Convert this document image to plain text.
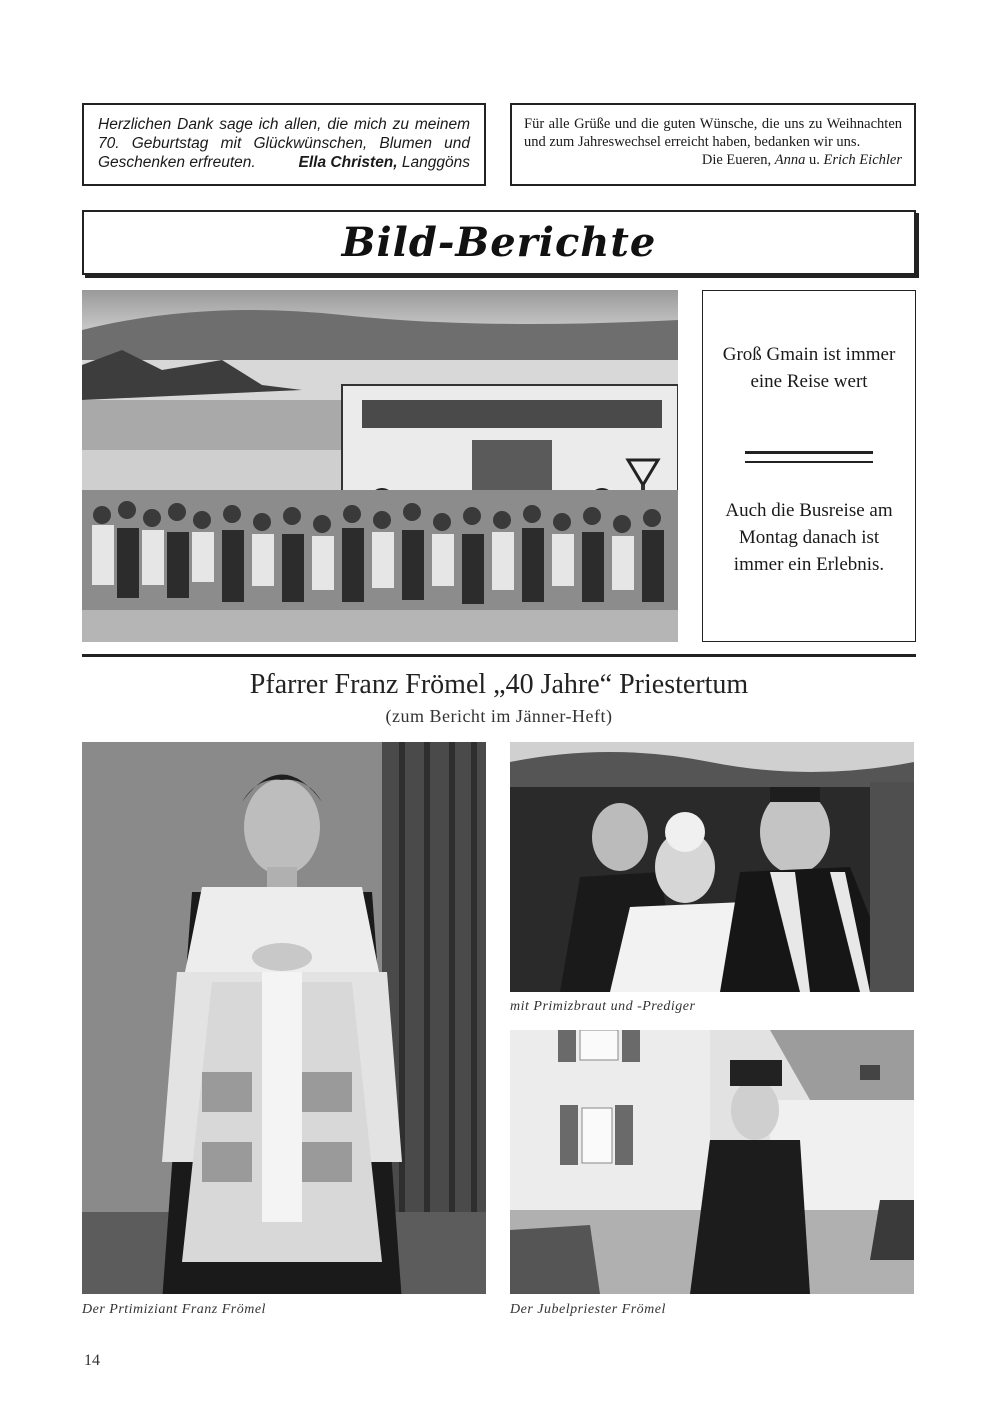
Herzlichen Dank sage ich allen, die mich zu meinem 70. Geburtstag mit Glückwünschen, Blumen und Geschenken erfreuten.	Ella Christen, Langgöns
Für alle Grüße und die guten Wünsche, die uns zu Weihnachten und zum Jahreswechsel erreicht haben, bedanken wir uns.
Die Eueren, Anna u. Erich Eichler
Bild-Berichte
Groß Gmain ist immer eine Reise wert
Auch die Busreise am Montag danach ist immer ein Erlebnis.
Pfarrer Franz Frömel „40 Jahre“ Priestertum
(zum Bericht im Jänner-Heft)
Der Prtimiziant Franz Frömel
mit Primizbraut und -Prediger
Der Jubelpriester Frömel
14
